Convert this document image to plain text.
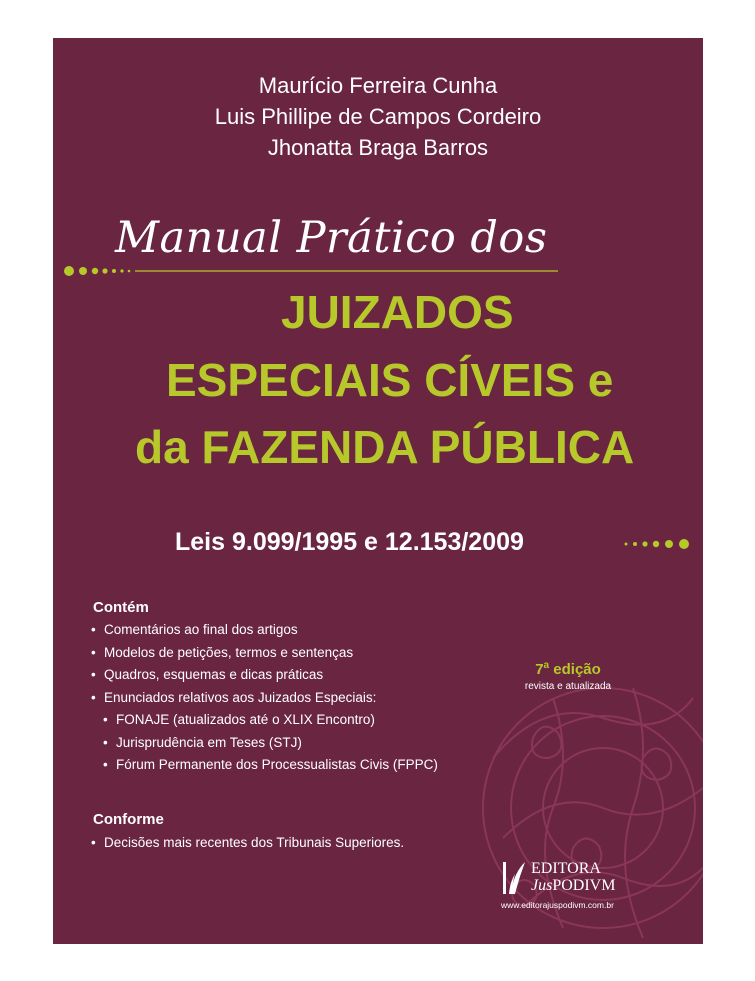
Maurício Ferreira Cunha
Luis Phillipe de Campos Cordeiro
Jhonatta Braga Barros
Manual Prático dos
JUIZADOS
ESPECIAIS CÍVEIS e
da FAZENDA PÚBLICA
Leis 9.099/1995 e 12.153/2009
Contém
• Comentários ao final dos artigos
• Modelos de petições, termos e sentenças
• Quadros, esquemas e dicas práticas
• Enunciados relativos aos Juizados Especiais:
• FONAJE (atualizados até o XLIX Encontro)
• Jurisprudência em Teses (STJ)
• Fórum Permanente dos Processualistas Civis (FPPC)
Conforme
• Decisões mais recentes dos Tribunais Superiores.
7$^a$ edição
revista e atualizada
EDITORA
JusPODIVM
www.editorajuspodivm.com.br
